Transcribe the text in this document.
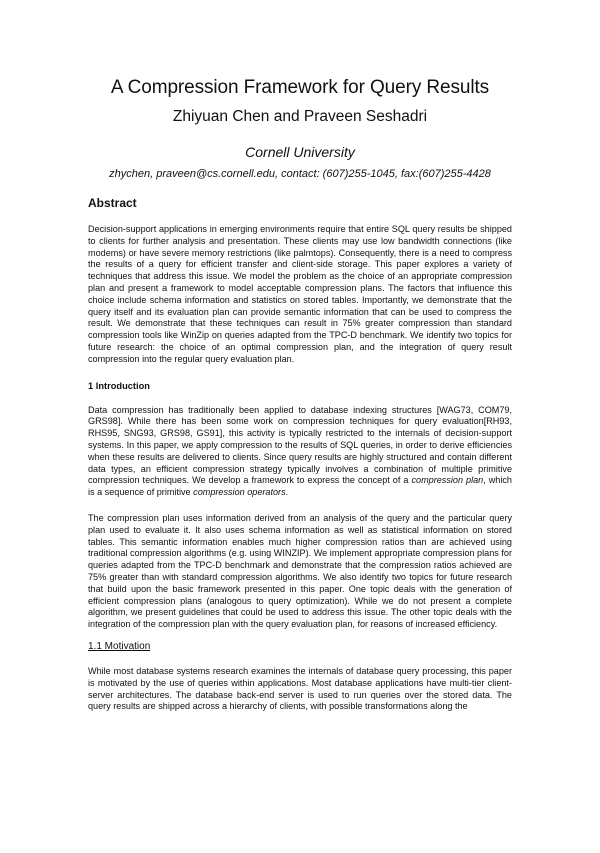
A Compression Framework for Query Results
Zhiyuan Chen and Praveen Seshadri
Cornell University
zhychen, praveen@cs.cornell.edu, contact: (607)255-1045, fax:(607)255-4428
Abstract

Decision-support applications in emerging environments require that entire SQL query results be shipped to clients for further analysis and presentation. These clients may use low bandwidth connections (like modems) or have severe memory restrictions (like palmtops). Consequently, there is a need to compress the results of a query for efficient transfer and client-side storage. This paper explores a variety of techniques that address this issue. We model the problem as the choice of an appropriate compression plan and present a framework to model acceptable compression plans. The factors that influence this choice include schema information and statistics on stored tables. Importantly, we demonstrate that the query itself and its evaluation plan can provide semantic information that can be used to compress the result. We demonstrate that these techniques can result in 75% greater compression than standard compression tools like WinZip on queries adapted from the TPC-D benchmark. We identify two topics for future research: the choice of an optimal compression plan, and the integration of query result compression into the regular query evaluation plan.

1 Introduction

Data compression has traditionally been applied to database indexing structures [WAG73, COM79, GRS98]. While there has been some work on compression techniques for query evaluation[RH93, RHS95, SNG93, GRS98, GS91], this activity is typically restricted to the internals of decision-support systems. In this paper, we apply compression to the results of SQL queries, in order to derive efficiencies when these results are delivered to clients. Since query results are highly structured and contain different data types, an efficient compression strategy typically involves a combination of multiple primitive compression techniques. We develop a framework to express the concept of a compression plan, which is a sequence of primitive compression operators.

The compression plan uses information derived from an analysis of the query and the particular query plan used to evaluate it. It also uses schema information as well as statistical information on stored tables. This semantic information enables much higher compression ratios than are achieved using traditional compression algorithms (e.g. using WINZIP). We implement appropriate compression plans for queries adapted from the TPC-D benchmark and demonstrate that the compression ratios achieved are 75% greater than with standard compression algorithms. We also identify two topics for future research that build upon the basic framework presented in this paper. One topic deals with the generation of efficient compression plans (analogous to query optimization). While we do not present a complete algorithm, we present guidelines that could be used to address this issue. The other topic deals with the integration of the compression plan with the query evaluation plan, for reasons of increased efficiency.

1.1 Motivation

While most database systems research examines the internals of database query processing, this paper is motivated by the use of queries within applications. Most database applications have multi-tier client-server architectures. The database back-end server is used to run queries over the stored data. The query results are shipped across a hierarchy of clients, with possible transformations along the
